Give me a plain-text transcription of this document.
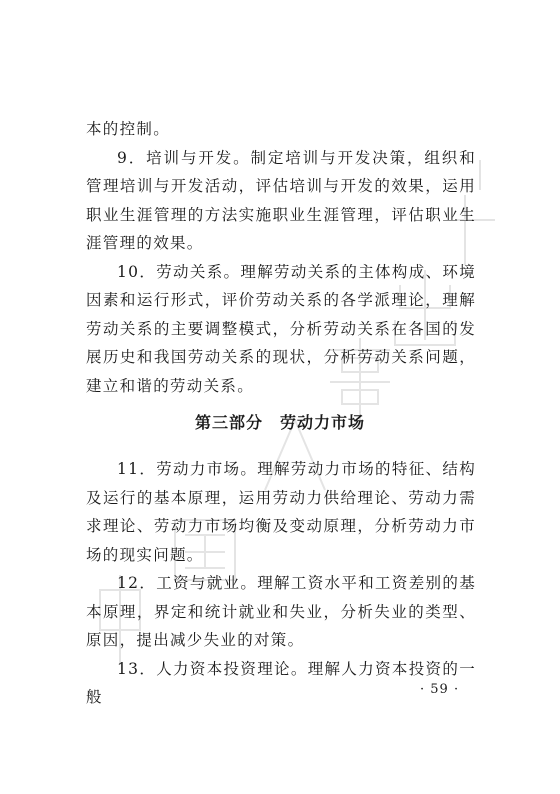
本的控制。

9．培训与开发。制定培训与开发决策，组织和管理培训与开发活动，评估培训与开发的效果，运用职业生涯管理的方法实施职业生涯管理，评估职业生涯管理的效果。

10．劳动关系。理解劳动关系的主体构成、环境因素和运行形式，评价劳动关系的各学派理论，理解劳动关系的主要调整模式，分析劳动关系在各国的发展历史和我国劳动关系的现状，分析劳动关系问题，建立和谐的劳动关系。

第三部分　劳动力市场

11．劳动力市场。理解劳动力市场的特征、结构及运行的基本原理，运用劳动力供给理论、劳动力需求理论、劳动力市场均衡及变动原理，分析劳动力市场的现实问题。

12．工资与就业。理解工资水平和工资差别的基本原理，界定和统计就业和失业，分析失业的类型、原因，提出减少失业的对策。

13．人力资本投资理论。理解人力资本投资的一般	· 59 ·
